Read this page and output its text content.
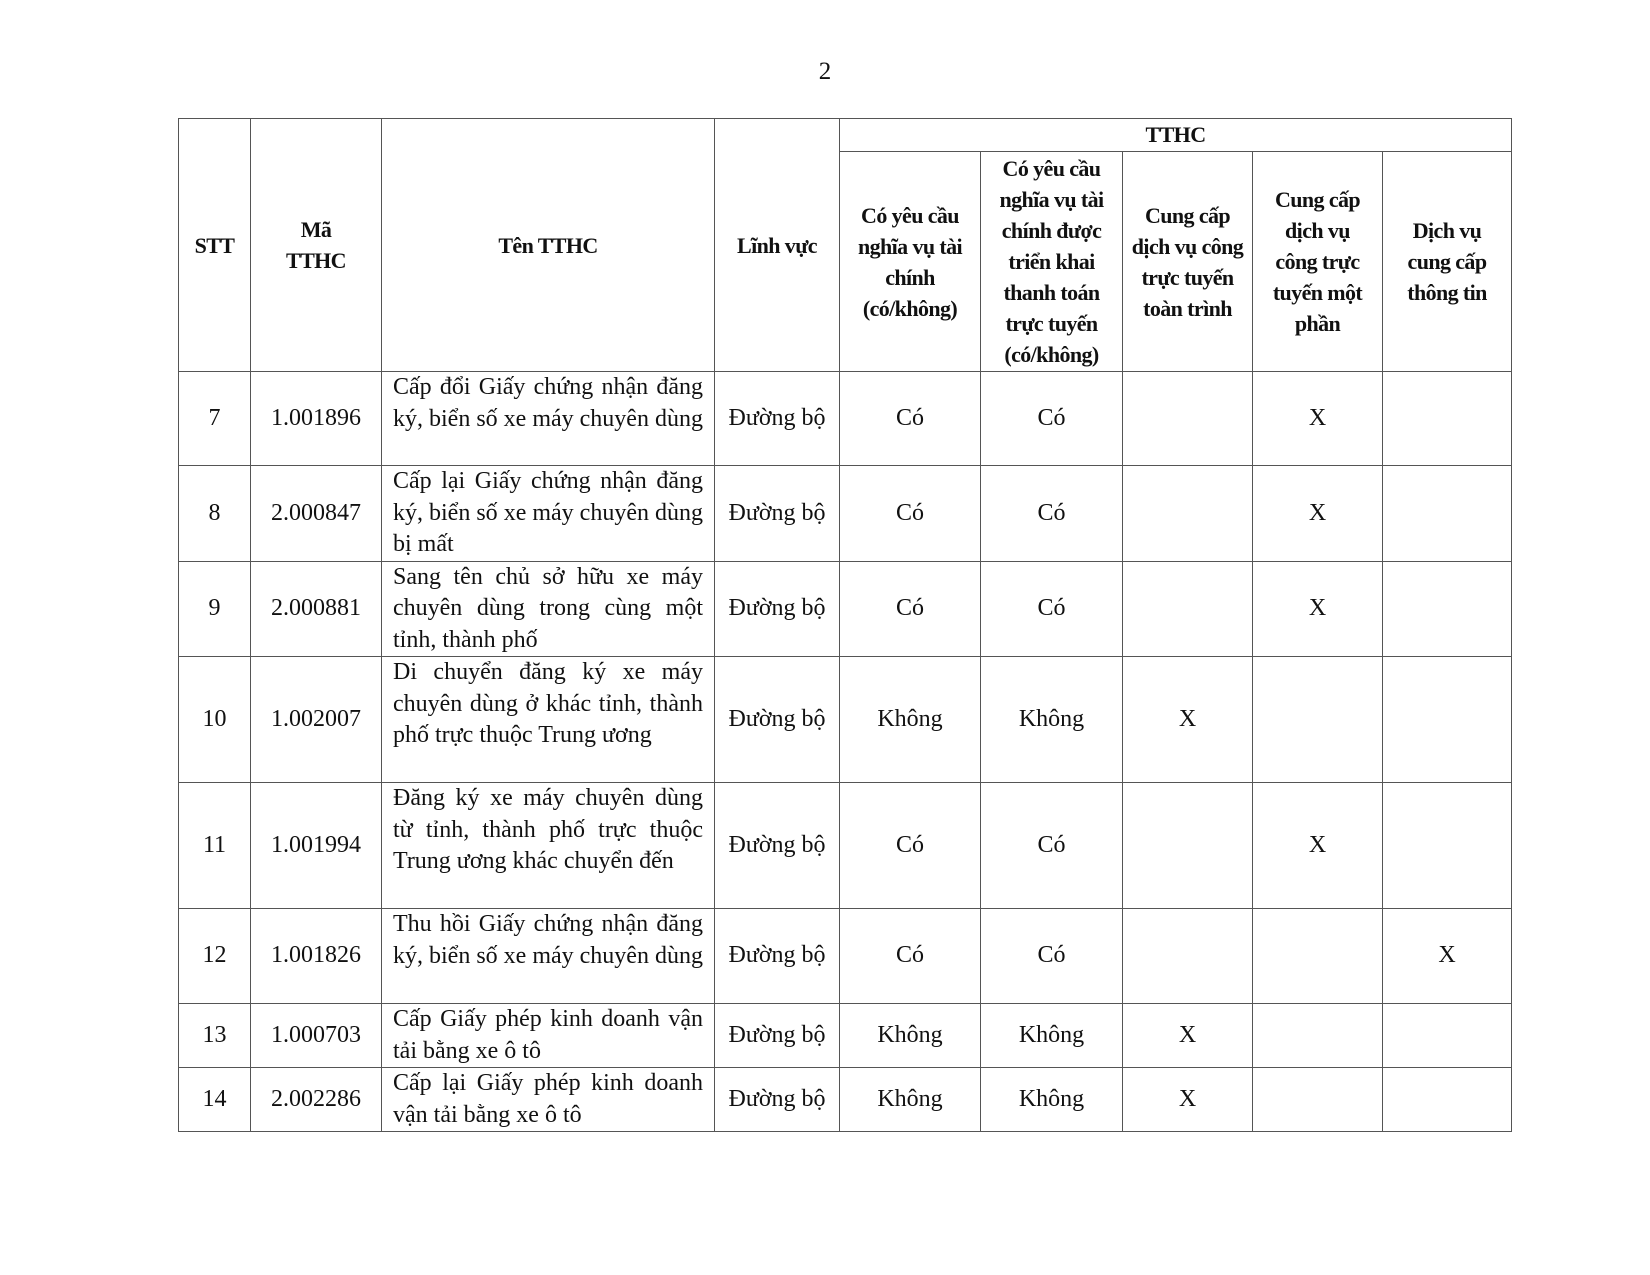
2
STT	Mã TTHC	Tên TTHC	Lĩnh vực	TTHC				

				Có yêu cầu nghĩa vụ tài chính (có/không)	Có yêu cầu nghĩa vụ tài chính được triển khai thanh toán trực tuyến (có/không)	Cung cấp dịch vụ công trực tuyến toàn trình	Cung cấp dịch vụ công trực tuyến một phần	Dịch vụ cung cấp thông tin

7	1.001896	Cấp đổi Giấy chứng nhận đăng ký, biển số xe máy chuyên dùng	Đường bộ	Có	Có		X	
8	2.000847	Cấp lại Giấy chứng nhận đăng ký, biển số xe máy chuyên dùng bị mất	Đường bộ	Có	Có		X	
9	2.000881	Sang tên chủ sở hữu xe máy chuyên dùng trong cùng một tỉnh, thành phố	Đường bộ	Có	Có		X	
10	1.002007	Di chuyển đăng ký xe máy chuyên dùng ở khác tỉnh, thành phố trực thuộc Trung ương	Đường bộ	Không	Không	X		
11	1.001994	Đăng ký xe máy chuyên dùng từ tỉnh, thành phố trực thuộc Trung ương khác chuyển đến	Đường bộ	Có	Có		X	
12	1.001826	Thu hồi Giấy chứng nhận đăng ký, biển số xe máy chuyên dùng	Đường bộ	Có	Có			X
13	1.000703	Cấp Giấy phép kinh doanh vận tải bằng xe ô tô	Đường bộ	Không	Không	X		
14	2.002286	Cấp lại Giấy phép kinh doanh vận tải bằng xe ô tô	Đường bộ	Không	Không	X		
